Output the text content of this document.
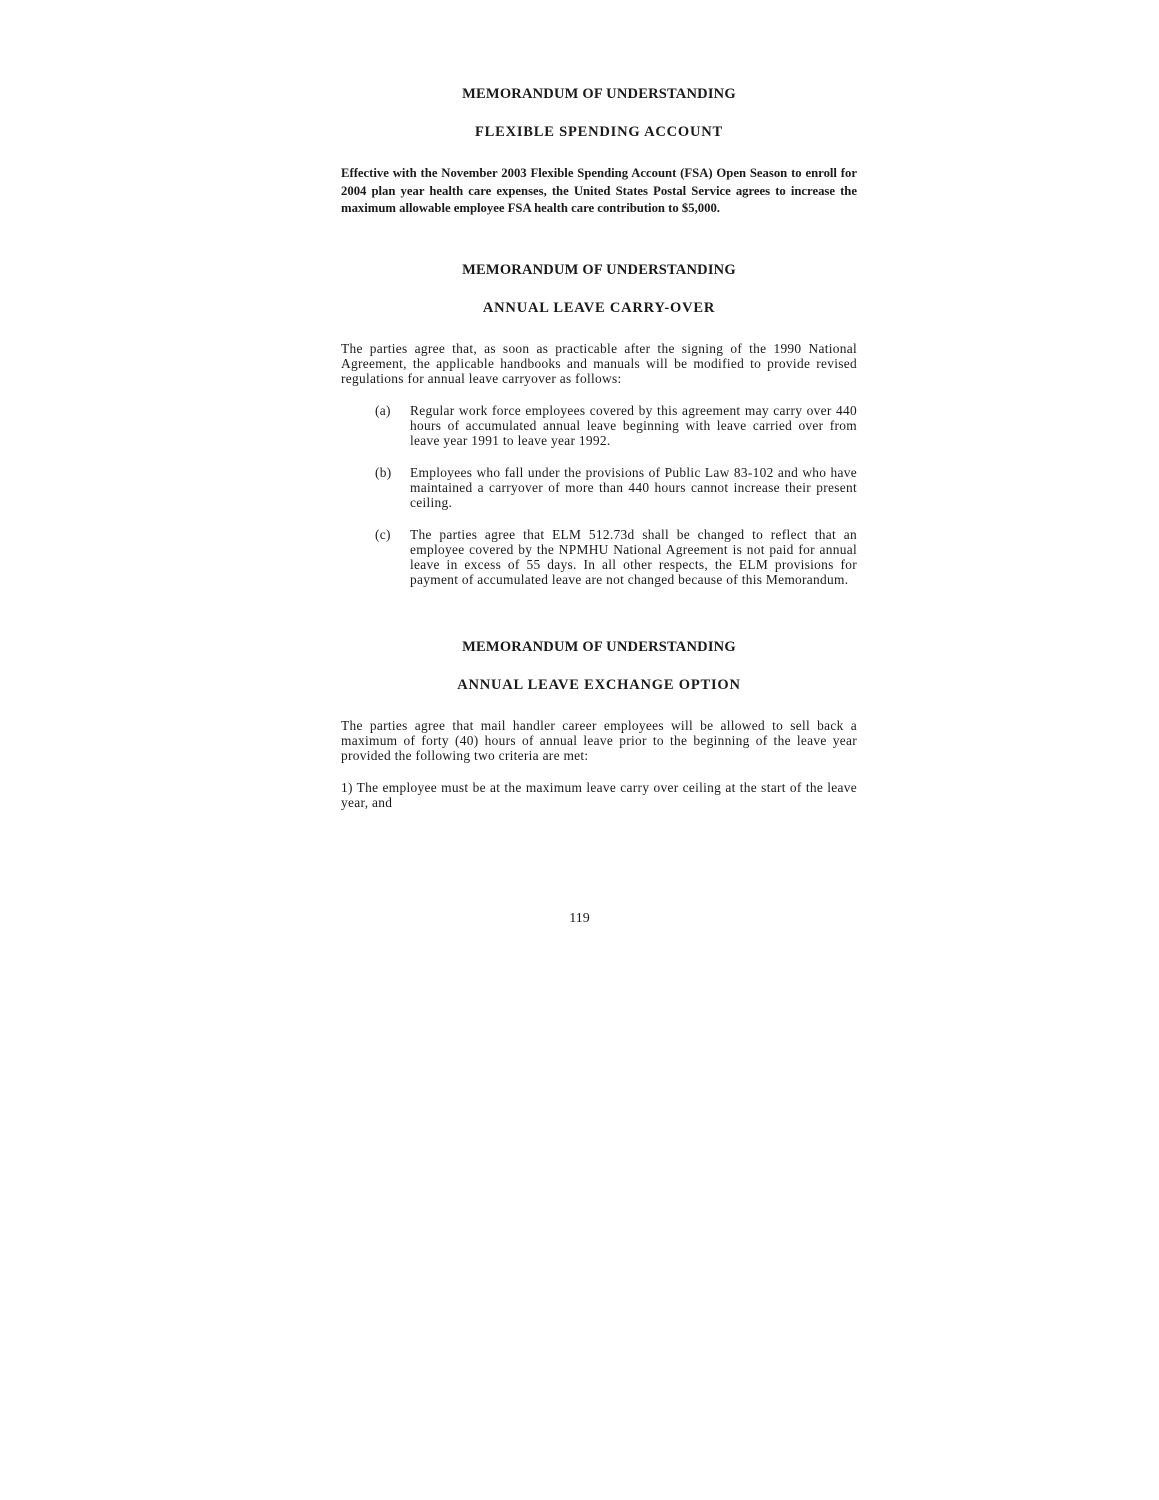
MEMORANDUM OF UNDERSTANDING
FLEXIBLE SPENDING ACCOUNT

Effective with the November 2003 Flexible Spending Account (FSA) Open Season to enroll for 2004 plan year health care expenses, the United States Postal Service agrees to increase the maximum allowable employee FSA health care contribution to $5,000.

MEMORANDUM OF UNDERSTANDING
ANNUAL LEAVE CARRY-OVER

The parties agree that, as soon as practicable after the signing of the 1990 National Agreement, the applicable handbooks and manuals will be modified to provide revised regulations for annual leave carryover as follows:

(a)	Regular work force employees covered by this agreement may carry over 440 hours of accumulated annual leave beginning with leave carried over from leave year 1991 to leave year 1992.
(b)	Employees who fall under the provisions of Public Law 83-102 and who have maintained a carryover of more than 440 hours cannot increase their present ceiling.
(c)	The parties agree that ELM 512.73d shall be changed to reflect that an employee covered by the NPMHU National Agreement is not paid for annual leave in excess of 55 days. In all other respects, the ELM provisions for payment of accumulated leave are not changed because of this Memorandum.
MEMORANDUM OF UNDERSTANDING
ANNUAL LEAVE EXCHANGE OPTION

The parties agree that mail handler career employees will be allowed to sell back a maximum of forty (40) hours of annual leave prior to the beginning of the leave year provided the following two criteria are met:

1) The employee must be at the maximum leave carry over ceiling at the start of the leave year, and

119
